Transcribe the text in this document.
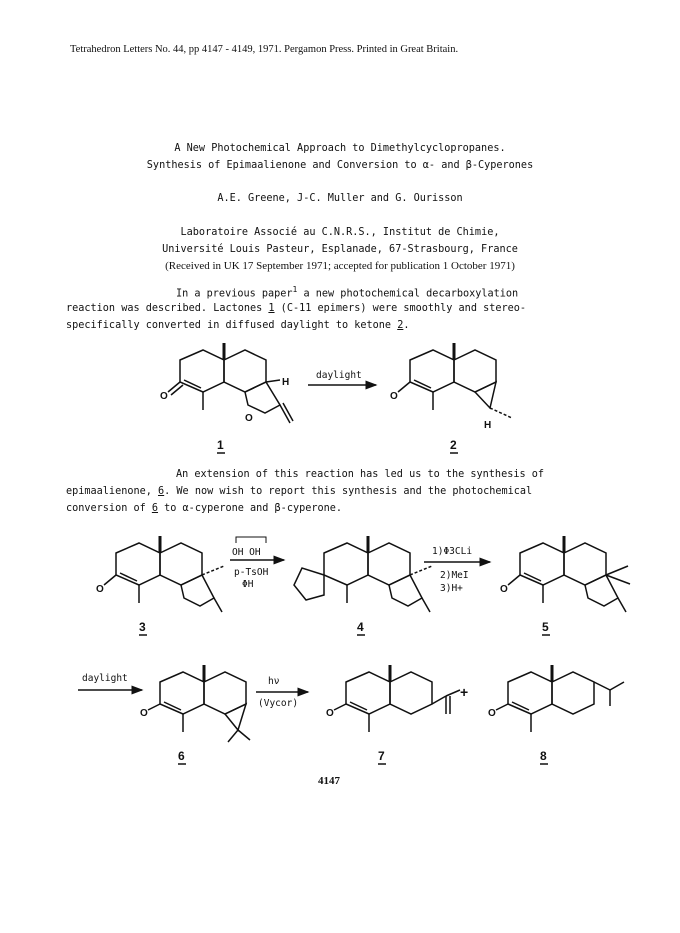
Tetrahedron Letters No. 44, pp 4147 - 4149, 1971. Pergamon Press. Printed in Great Britain.
A New Photochemical Approach to Dimethylcyclopropanes.
Synthesis of Epimaalienone and Conversion to α- and β-Cyperones
A.E. Greene, J-C. Muller and G. Ourisson
Laboratoire Associé au C.N.R.S., Institut de Chimie,
Université Louis Pasteur, Esplanade, 67-Strasbourg, France
(Received in UK 17 September 1971; accepted for publication 1 October 1971)
In a previous paper$^1$ a new photochemical decarboxylation
reaction was described. Lactones 1 (C-11 epimers) were smoothly and stereo-
specifically converted in diffused daylight to ketone 2.
An extension of this reaction has led us to the synthesis of
epimaalienone, 6. We now wish to report this synthesis and the photochemical
conversion of 6 to α-cyperone and β-cyperone.
O
O
H
daylight
O
H
1	2
O
OH OH
p-TsOH
ΦH
1)Φ3CLi
2)MeI
3)H+	O
3	4	5
daylight
O
hν
(Vycor)
O
+
O
6	7	8
4147
